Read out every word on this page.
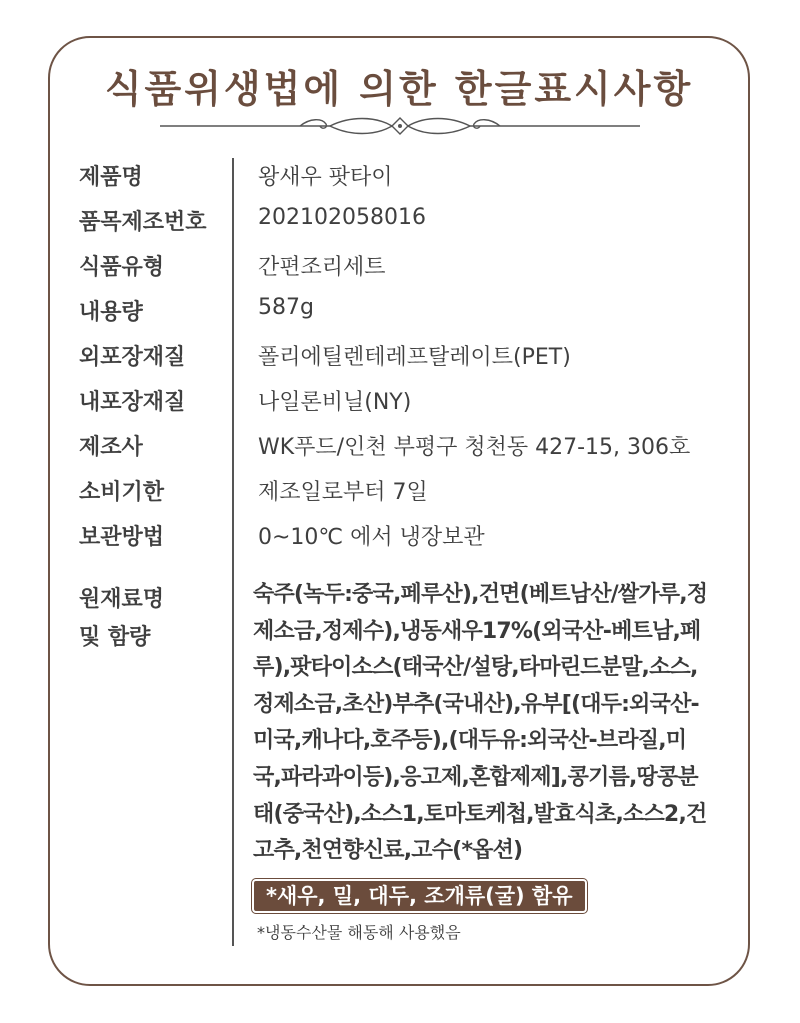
식품위생법에 의한 한글표시사항
제품명	왕새우 팟타이
품목제조번호 202102058016
식품유형	간편조리세트
내용량	587g
외포장재질	폴리에틸렌테레프탈레이트(PET)
내포장재질	나일론비닐(NY)
제조사	WK푸드/인천 부평구 청천동 427-15, 306호
소비기한	제조일로부터 7일
보관방법	0~10℃ 에서 냉장보관
원재료명
및 함량
숙주(녹두:중국,페루산),건면(베트남산/쌀가루,정
제소금,정제수),냉동새우17%(외국산-베트남,페
루),팟타이소스(태국산/설탕,타마린드분말,소스,
정제소금,초산)부추(국내산),유부[(대두:외국산-
미국,캐나다,호주등),(대두유:외국산-브라질,미
국,파라과이등),응고제,혼합제제],콩기름,땅콩분
태(중국산),소스1,토마토케첩,발효식초,소스2,건
고추,천연향신료,고수(*옵션)
*새우, 밀, 대두, 조개류(굴) 함유
*냉동수산물 해동해 사용했음
